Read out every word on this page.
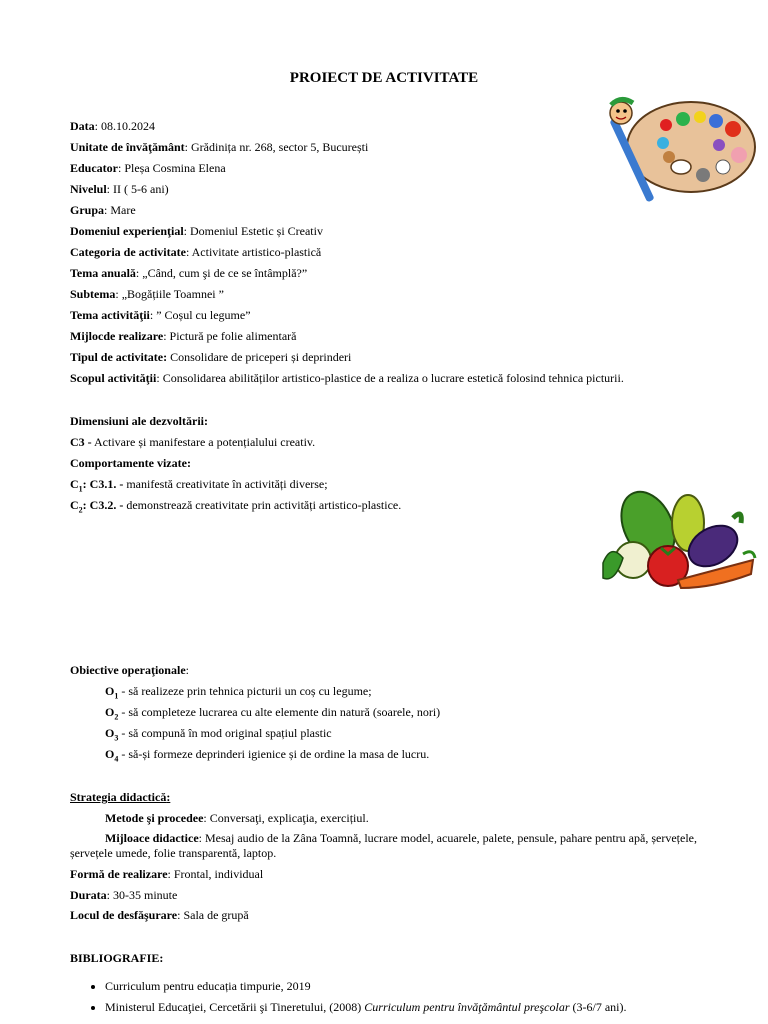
PROIECT DE ACTIVITATE
Data: 08.10.2024
Unitate de învăţământ: Grădinița nr. 268, sector 5, București
Educator: Pleșa Cosmina Elena
Nivelul: II ( 5-6 ani)
Grupa: Mare
Domeniul experienţial: Domeniul Estetic și Creativ
Categoria de activitate: Activitate artistico-plastică
Tema anuală: „Când, cum şi de ce se întâmplă?”
Subtema: „Bogățiile Toamnei ”
Tema activităţii: ” Coșul cu legume”
Mijlocde realizare: Pictură pe folie alimentară
Tipul de activitate: Consolidare de priceperi și deprinderi
Scopul activităţii: Consolidarea abilităților artistico-plastice de a realiza o lucrare estetică folosind tehnica picturii.
Dimensiuni ale dezvoltării:
C3 - Activare și manifestare a potențialului creativ.
Comportamente vizate:
$C_1$: C3.1. - manifestă creativitate în activități diverse;
$C_2$: C3.2. - demonstrează creativitate prin activități artistico-plastice.
Obiective operaţionale:
$O_1$ - să realizeze prin tehnica picturii un coș cu legume;
$O_2$ - să completeze lucrarea cu alte elemente din natură (soarele, nori)
$O_3$ - să compună în mod original spațiul plastic
$O_4$ - să-și formeze deprinderi igienice și de ordine la masa de lucru.
Strategia didactică:
Metode şi procedee: Conversaţi, explicaţia, exercițiul.
Mijloace didactice: Mesaj audio de la Zâna Toamnă, lucrare model, acuarele, palete, pensule, pahare pentru apă, șervețele, șervețele umede, folie transparentă, laptop.
Formă de realizare: Frontal, individual
Durata: 30-35 minute
Locul de desfăşurare: Sala de grupă
BIBLIOGRAFIE:
• Curriculum pentru educația timpurie, 2019
• Ministerul Educaţiei, Cercetării şi Tineretului, (2008) Curriculum pentru învăţământul preşcolar (3-6/7 ani).
